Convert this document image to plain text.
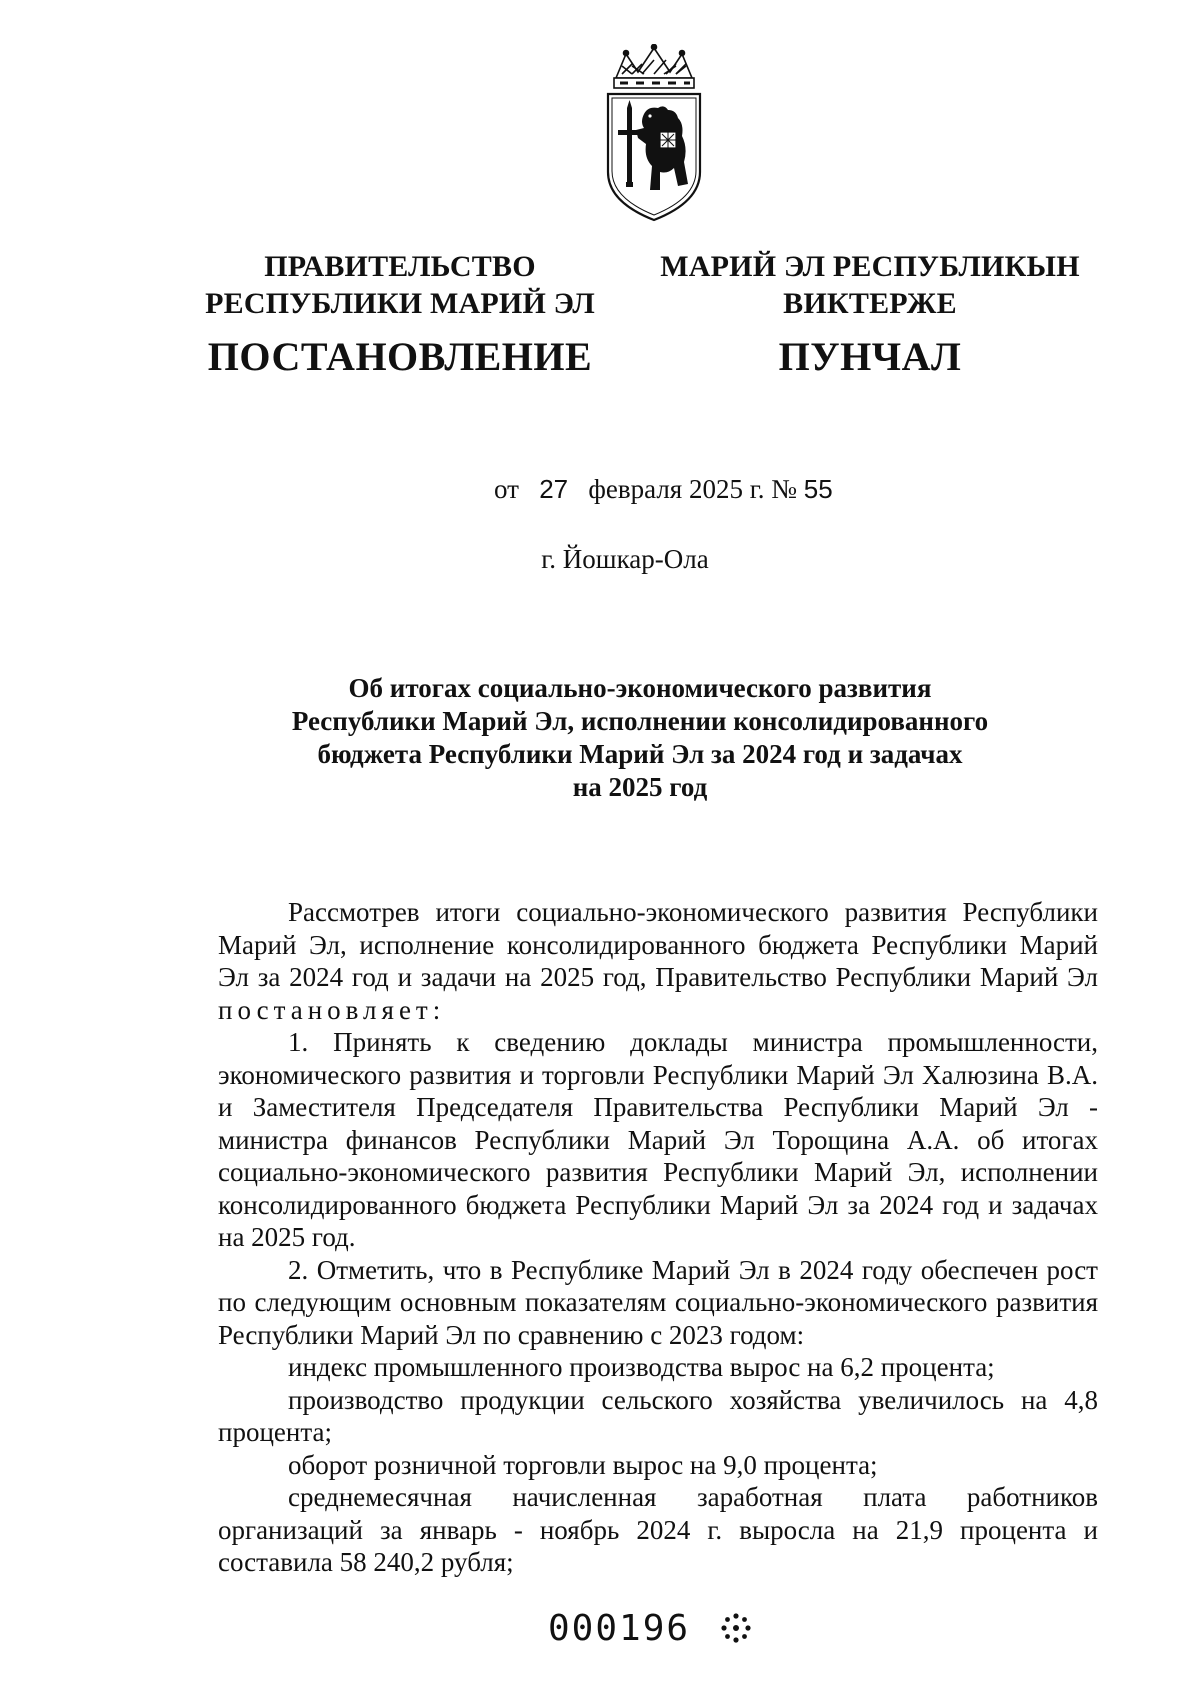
ПРАВИТЕЛЬСТВО
РЕСПУБЛИКИ МАРИЙ ЭЛ
ПОСТАНОВЛЕНИЕ
МАРИЙ ЭЛ РЕСПУБЛИКЫН
ВИКТЕРЖЕ
ПУНЧАЛ
от 27 февраля 2025 г. № 55
г. Йошкар-Ола
Об итогах социально-экономического развития
Республики Марий Эл, исполнении консолидированного
бюджета Республики Марий Эл за 2024 год и задачах
на 2025 год

Рассмотрев итоги социально-экономического развития Республики Марий Эл, исполнение консолидированного бюджета Республики Марий Эл за 2024 год и задачи на 2025 год, Правительство Республики Марий Эл постановляет:

1. Принять к сведению доклады министра промышленности, экономического развития и торговли Республики Марий Эл Халюзина В.А. и Заместителя Председателя Правительства Республики Марий Эл - министра финансов Республики Марий Эл Торощина А.А. об итогах социально-экономического развития Республики Марий Эл, исполнении консолидированного бюджета Республики Марий Эл за 2024 год и задачах на 2025 год.

2. Отметить, что в Республике Марий Эл в 2024 году обеспечен рост по следующим основным показателям социально-экономического развития Республики Марий Эл по сравнению с 2023 годом:

индекс промышленного производства вырос на 6,2 процента;

производство продукции сельского хозяйства увеличилось на 4,8 процента;

оборот розничной торговли вырос на 9,0 процента;

среднемесячная начисленная заработная плата работников организаций за январь - ноябрь 2024 г. выросла на 21,9 процента и составила 58 240,2 рубля;

000196
